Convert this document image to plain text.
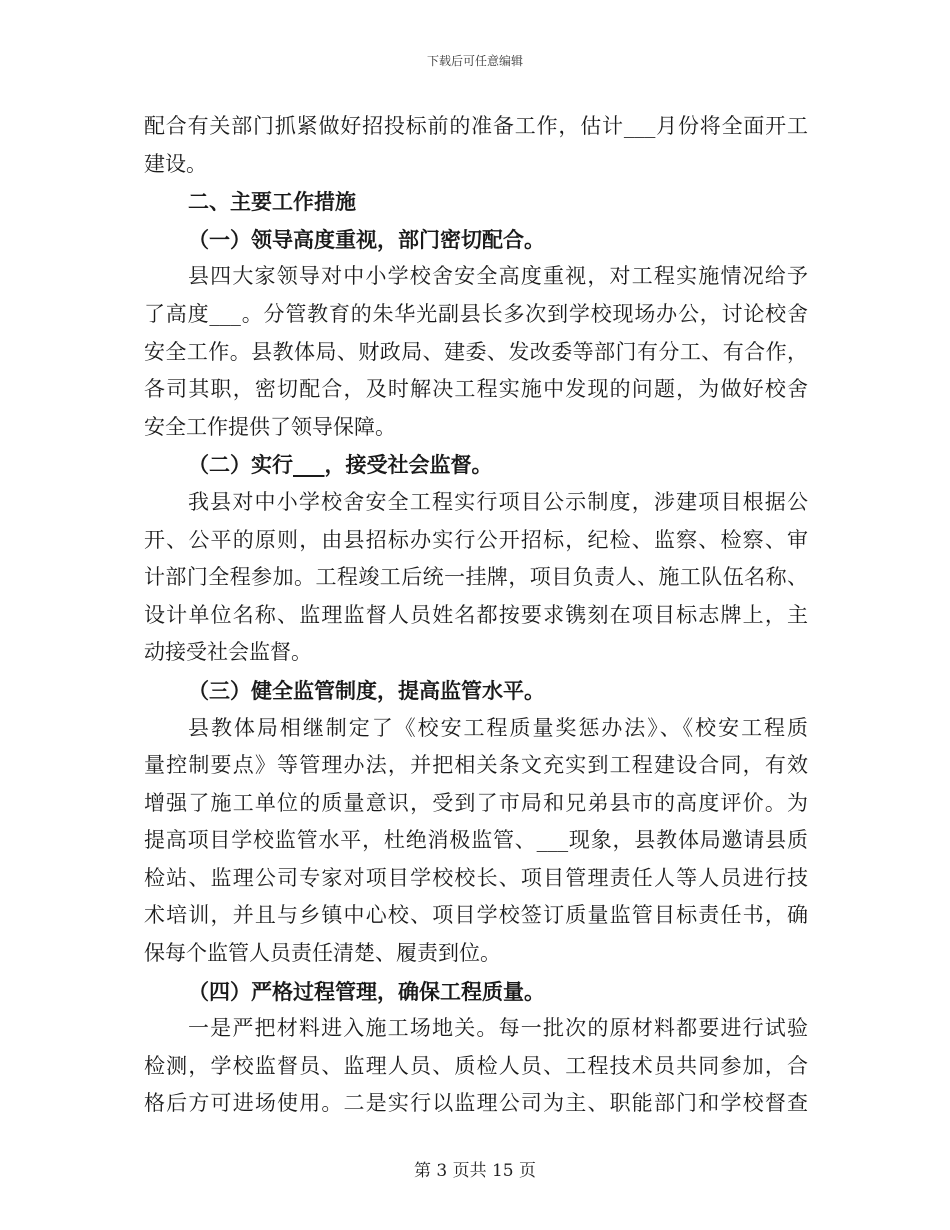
下载后可任意编辑
配合有关部门抓紧做好招投标前的准备工作，估计___月份将全面开工
建设。
二、主要工作措施
（一）领导高度重视，部门密切配合。
县四大家领导对中小学校舍安全高度重视，对工程实施情况给予
了高度___。分管教育的朱华光副县长多次到学校现场办公，讨论校舍
安全工作。县教体局、财政局、建委、发改委等部门有分工、有合作，
各司其职，密切配合，及时解决工程实施中发现的问题，为做好校舍
安全工作提供了领导保障。
（二）实行___，接受社会监督。
我县对中小学校舍安全工程实行项目公示制度，涉建项目根据公
开、公平的原则，由县招标办实行公开招标，纪检、监察、检察、审
计部门全程参加。工程竣工后统一挂牌，项目负责人、施工队伍名称、
设计单位名称、监理监督人员姓名都按要求镌刻在项目标志牌上，主
动接受社会监督。
（三）健全监管制度，提高监管水平。
县教体局相继制定了《校安工程质量奖惩办法》、《校安工程质
量控制要点》等管理办法，并把相关条文充实到工程建设合同，有效
增强了施工单位的质量意识，受到了市局和兄弟县市的高度评价。为
提高项目学校监管水平，杜绝消极监管、___现象，县教体局邀请县质
检站、监理公司专家对项目学校校长、项目管理责任人等人员进行技
术培训，并且与乡镇中心校、项目学校签订质量监管目标责任书，确
保每个监管人员责任清楚、履责到位。
（四）严格过程管理，确保工程质量。
一是严把材料进入施工场地关。每一批次的原材料都要进行试验
检测，学校监督员、监理人员、质检人员、工程技术员共同参加，合
格后方可进场使用。二是实行以监理公司为主、职能部门和学校督查
第 3 页共 15 页
